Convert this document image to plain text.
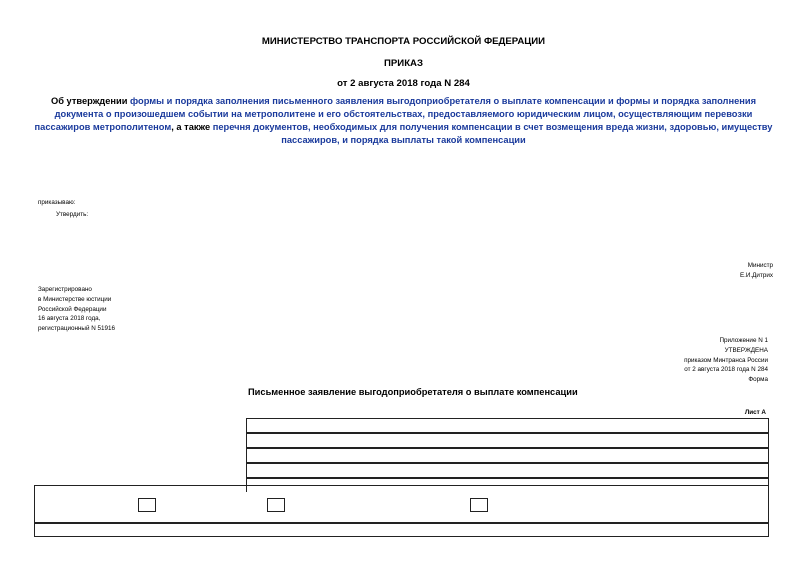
МИНИСТЕРСТВО ТРАНСПОРТА РОССИЙСКОЙ ФЕДЕРАЦИИ
ПРИКАЗ
от 2 августа 2018 года N 284
Об утверждении формы и порядка заполнения письменного заявления выгодоприобретателя о выплате компенсации и формы и порядка заполнения документа о произошедшем событии на метрополитене и его обстоятельствах, предоставляемого юридическим лицом, осуществляющим перевозки пассажиров метрополитеном, а также перечня документов, необходимых для получения компенсации в счет возмещения вреда жизни, здоровью, имуществу пассажиров, и порядка выплаты такой компенсации
приказываю:
Утвердить:
Министр
Е.И.Дитрих
Зарегистрировано
в Министерстве юстиции
Российской Федерации
16 августа 2018 года,
регистрационный N 51916
Приложение N 1
УТВЕРЖДЕНА
приказом Минтранса России
от 2 августа 2018 года N 284
Форма
Письменное заявление выгодоприобретателя о выплате компенсации
Лист А
